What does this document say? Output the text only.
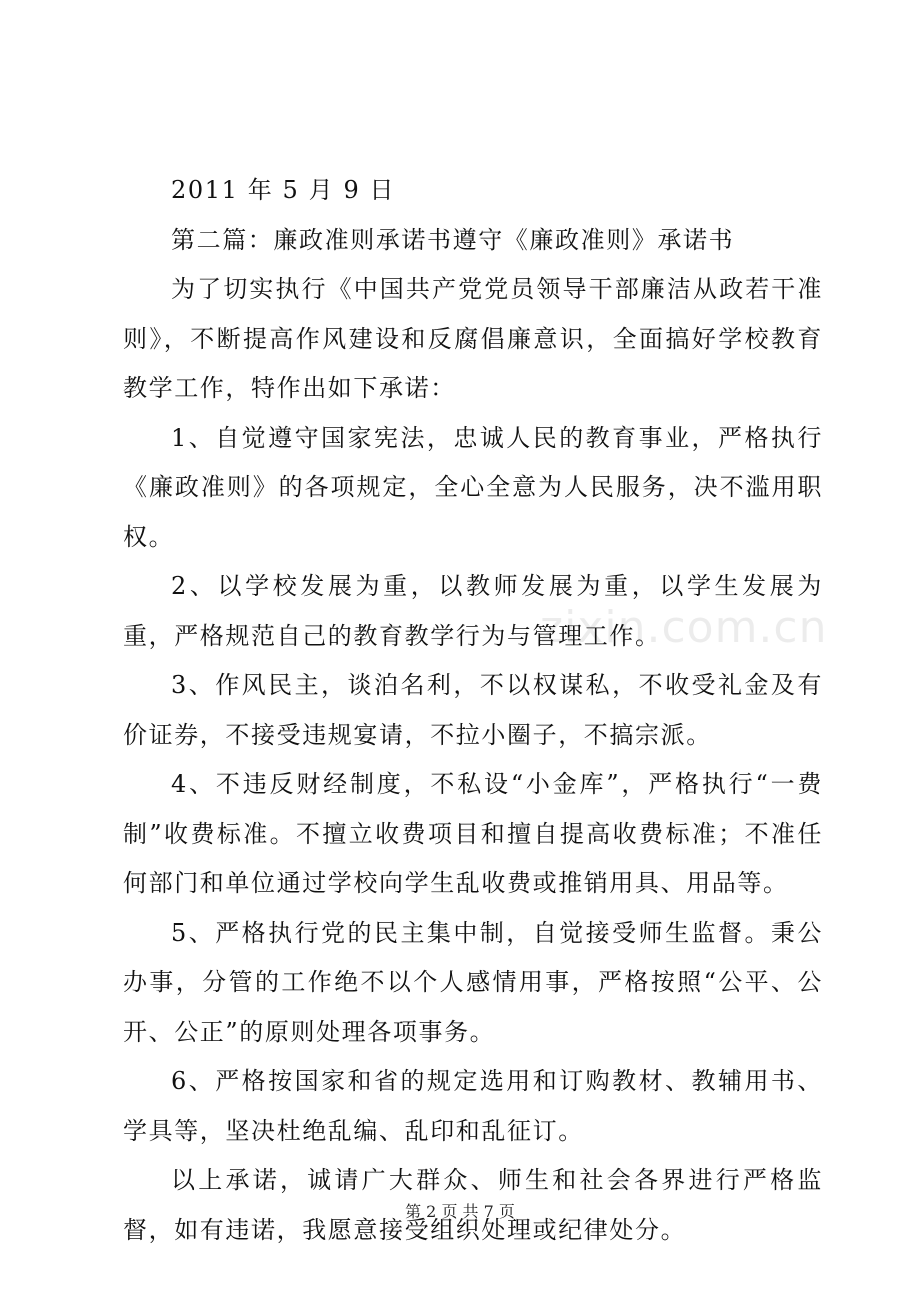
2011 年 5 月 9 日

第二篇：廉政准则承诺书遵守《廉政准则》承诺书

为了切实执行《中国共产党党员领导干部廉洁从政若干准则》，不断提高作风建设和反腐倡廉意识，全面搞好学校教育教学工作，特作出如下承诺：

1、自觉遵守国家宪法，忠诚人民的教育事业，严格执行《廉政准则》的各项规定，全心全意为人民服务，决不滥用职权。

2、以学校发展为重，以教师发展为重，以学生发展为重，严格规范自己的教育教学行为与管理工作。

3、作风民主，谈泊名利，不以权谋私，不收受礼金及有价证券，不接受违规宴请，不拉小圈子，不搞宗派。

4、不违反财经制度，不私设“小金库”，严格执行“一费制”收费标准。不擅立收费项目和擅自提高收费标准；不准任何部门和单位通过学校向学生乱收费或推销用具、用品等。

5、严格执行党的民主集中制，自觉接受师生监督。秉公办事，分管的工作绝不以个人感情用事，严格按照“公平、公开、公正”的原则处理各项事务。

6、严格按国家和省的规定选用和订购教材、教辅用书、学具等，坚决杜绝乱编、乱印和乱征订。

以上承诺，诚请广大群众、师生和社会各界进行严格监督，如有违诺，我愿意接受组织处理或纪律处分。

zixin.com.cn
第 2 页 共 7 页
